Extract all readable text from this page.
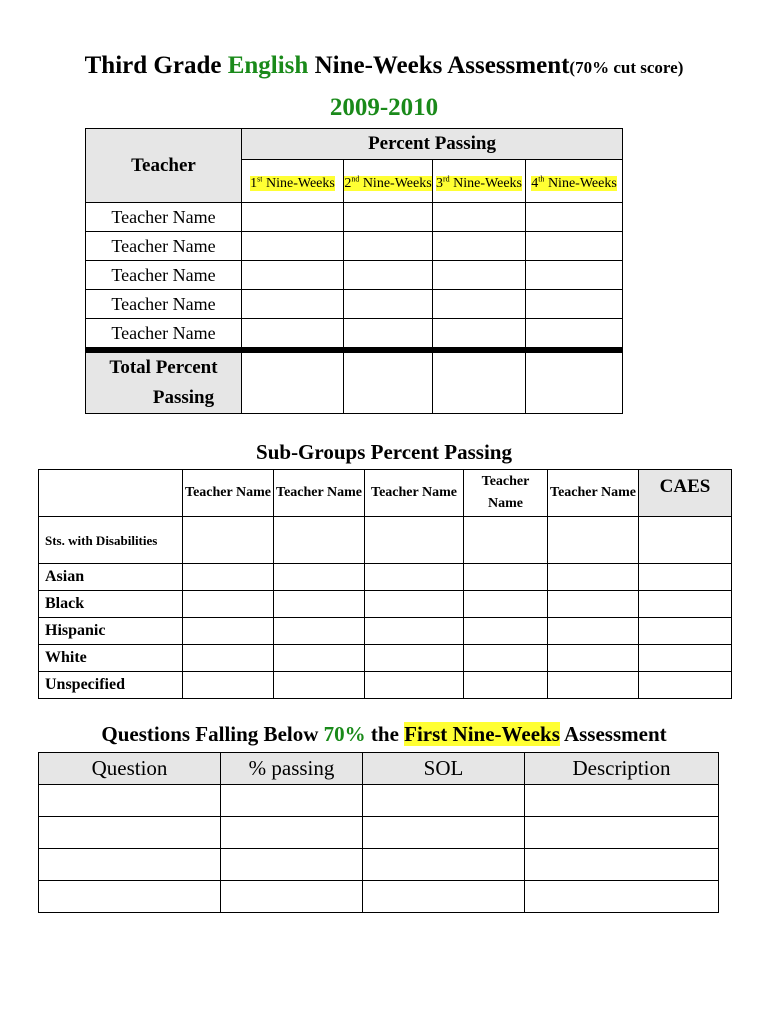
Third Grade English Nine-Weeks Assessment(70% cut score)
2009-2010
Teacher	Percent Passing			
	1st Nine-Weeks	2nd Nine-Weeks	3rd Nine-Weeks	4th Nine-Weeks
Teacher Name				
Teacher Name				
Teacher Name				
Teacher Name				
Teacher Name				
Total Percent
Passing				

Sub-Groups Percent Passing
	Teacher Name	Teacher Name	Teacher Name	Teacher Name	Teacher Name	CAES
Sts. with Disabilities						
Asian						
Black						
Hispanic						
White						
Unspecified						
Questions Falling Below 70% the First Nine-Weeks Assessment
Question	% passing	SOL	Description
